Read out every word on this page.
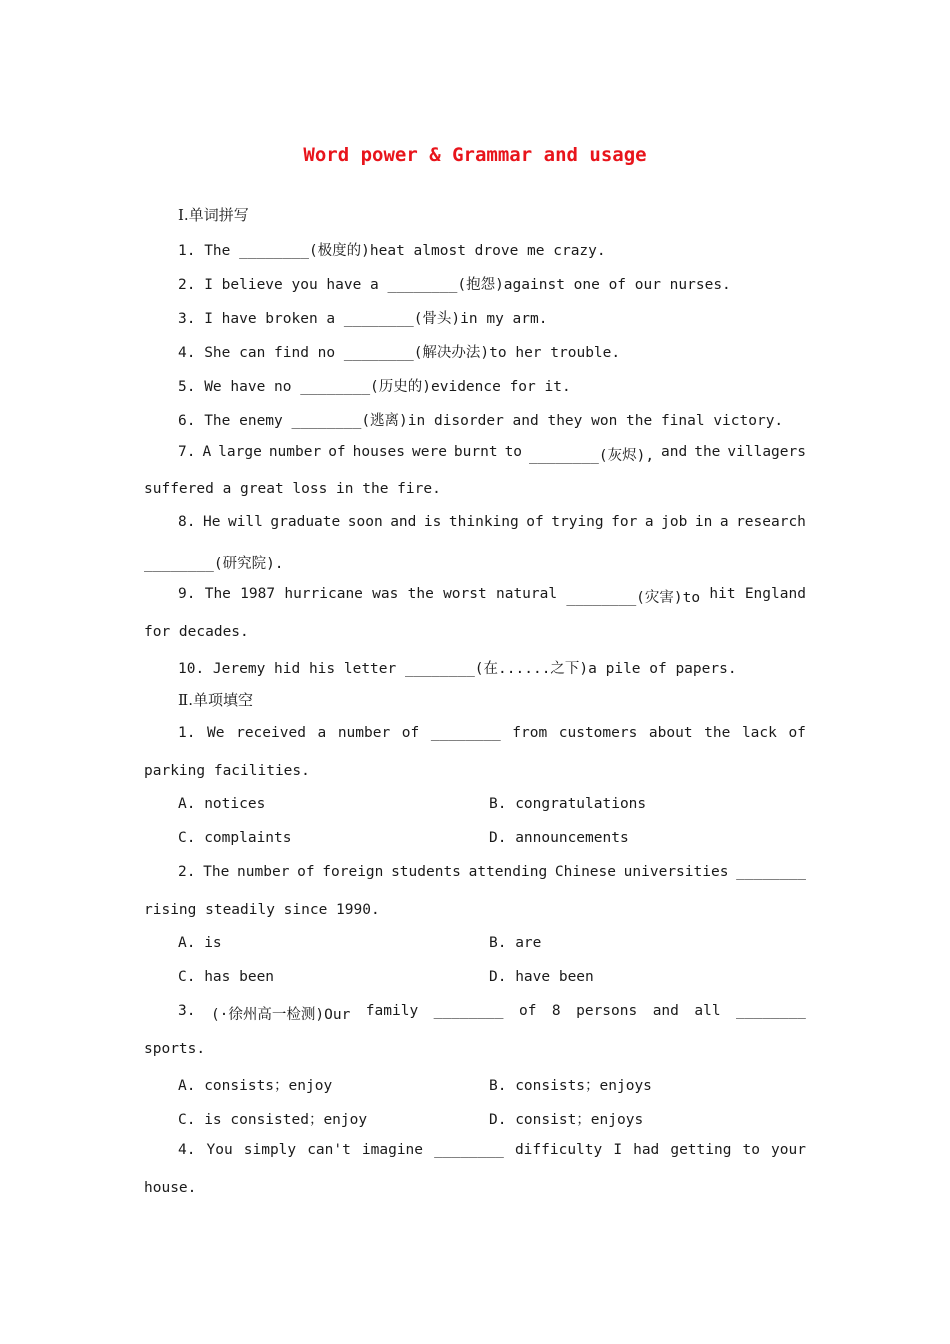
Word power & Grammar and usage
Ⅰ.单词拼写
1. The ________(极度的)heat almost drove me crazy.
2. I believe you have a ________(抱怨)against one of our nurses.
3. I have broken a ________(骨头)in my arm.
4. She can find no ________(解决办法)to her trouble.
5. We have no ________(历史的)evidence for it.
6. The enemy ________(逃离)in disorder and they won the final victory.
7. A large number of houses were burnt to ________(灰烬), and the villagers
suffered a great loss in the fire.
8. He will graduate soon and is thinking of trying for a job in a research
________(研究院).
9. The 1987 hurricane was the worst natural ________(灾害)to hit England
for decades.
10. Jeremy hid his letter ________(在......之下)a pile of papers.
Ⅱ.单项填空
1. We received a number of ________ from customers about the lack of
parking facilities.
A. notices	B. congratulations
C. complaints	D. announcements
2. The number of foreign students attending Chinese universities ________
rising steadily since 1990.
A. is	B. are
C. has been	D. have been
3. (·徐州高一检测)Our family ________ of 8 persons and all ________
sports.
A. consists；enjoy	B. consists；enjoys
C. is consisted；enjoy	D. consist；enjoys
4. You simply can't imagine ________ difficulty I had getting to your
house.
